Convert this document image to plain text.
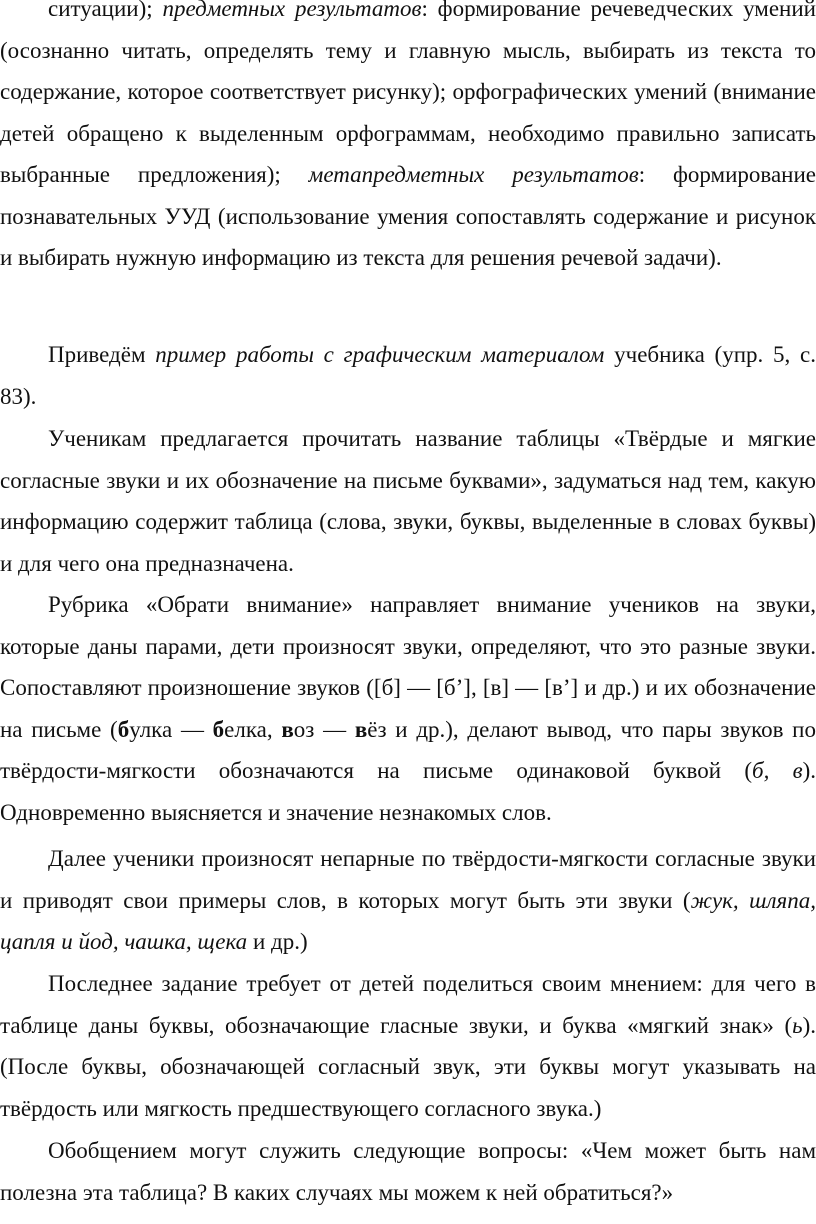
ситуации); предметных результатов: формирование речеведческих умений (осознанно читать, определять тему и главную мысль, выбирать из текста то содержание, которое соответствует рисунку); орфографических умений (внимание детей обращено к выделенным орфограммам, необходимо правильно записать выбранные предложения); метапредметных результатов: формирование познавательных УУД (использование умения сопоставлять содержание и рисунок и выбирать нужную информацию из текста для решения речевой задачи).

Приведём пример работы с графическим материалом учебника (упр. 5, с. 83).

Ученикам предлагается прочитать название таблицы «Твёрдые и мягкие согласные звуки и их обозначение на письме буквами», задуматься над тем, какую информацию содержит таблица (слова, звуки, буквы, выделенные в словах буквы) и для чего она предназначена.

Рубрика «Обрати внимание» направляет внимание учеников на звуки, которые даны парами, дети произносят звуки, определяют, что это разные звуки. Сопоставляют произношение звуков ([б] — [б’], [в] — [в’] и др.) и их обозначение на письме (булка — белка, воз — вёз и др.), делают вывод, что пары звуков по твёрдости-мягкости обозначаются на письме одинаковой буквой (б, в). Одновременно выясняется и значение незнакомых слов.

Далее ученики произносят непарные по твёрдости-мягкости согласные звуки и приводят свои примеры слов, в которых могут быть эти звуки (жук, шляпа, цапля и йод, чашка, щека и др.)

Последнее задание требует от детей поделиться своим мнением: для чего в таблице даны буквы, обозначающие гласные звуки, и буква «мягкий знак» (ь). (После буквы, обозначающей согласный звук, эти буквы могут указывать на твёрдость или мягкость предшествующего согласного звука.)

Обобщением могут служить следующие вопросы: «Чем может быть нам полезна эта таблица? В каких случаях мы можем к ней обратиться?»
